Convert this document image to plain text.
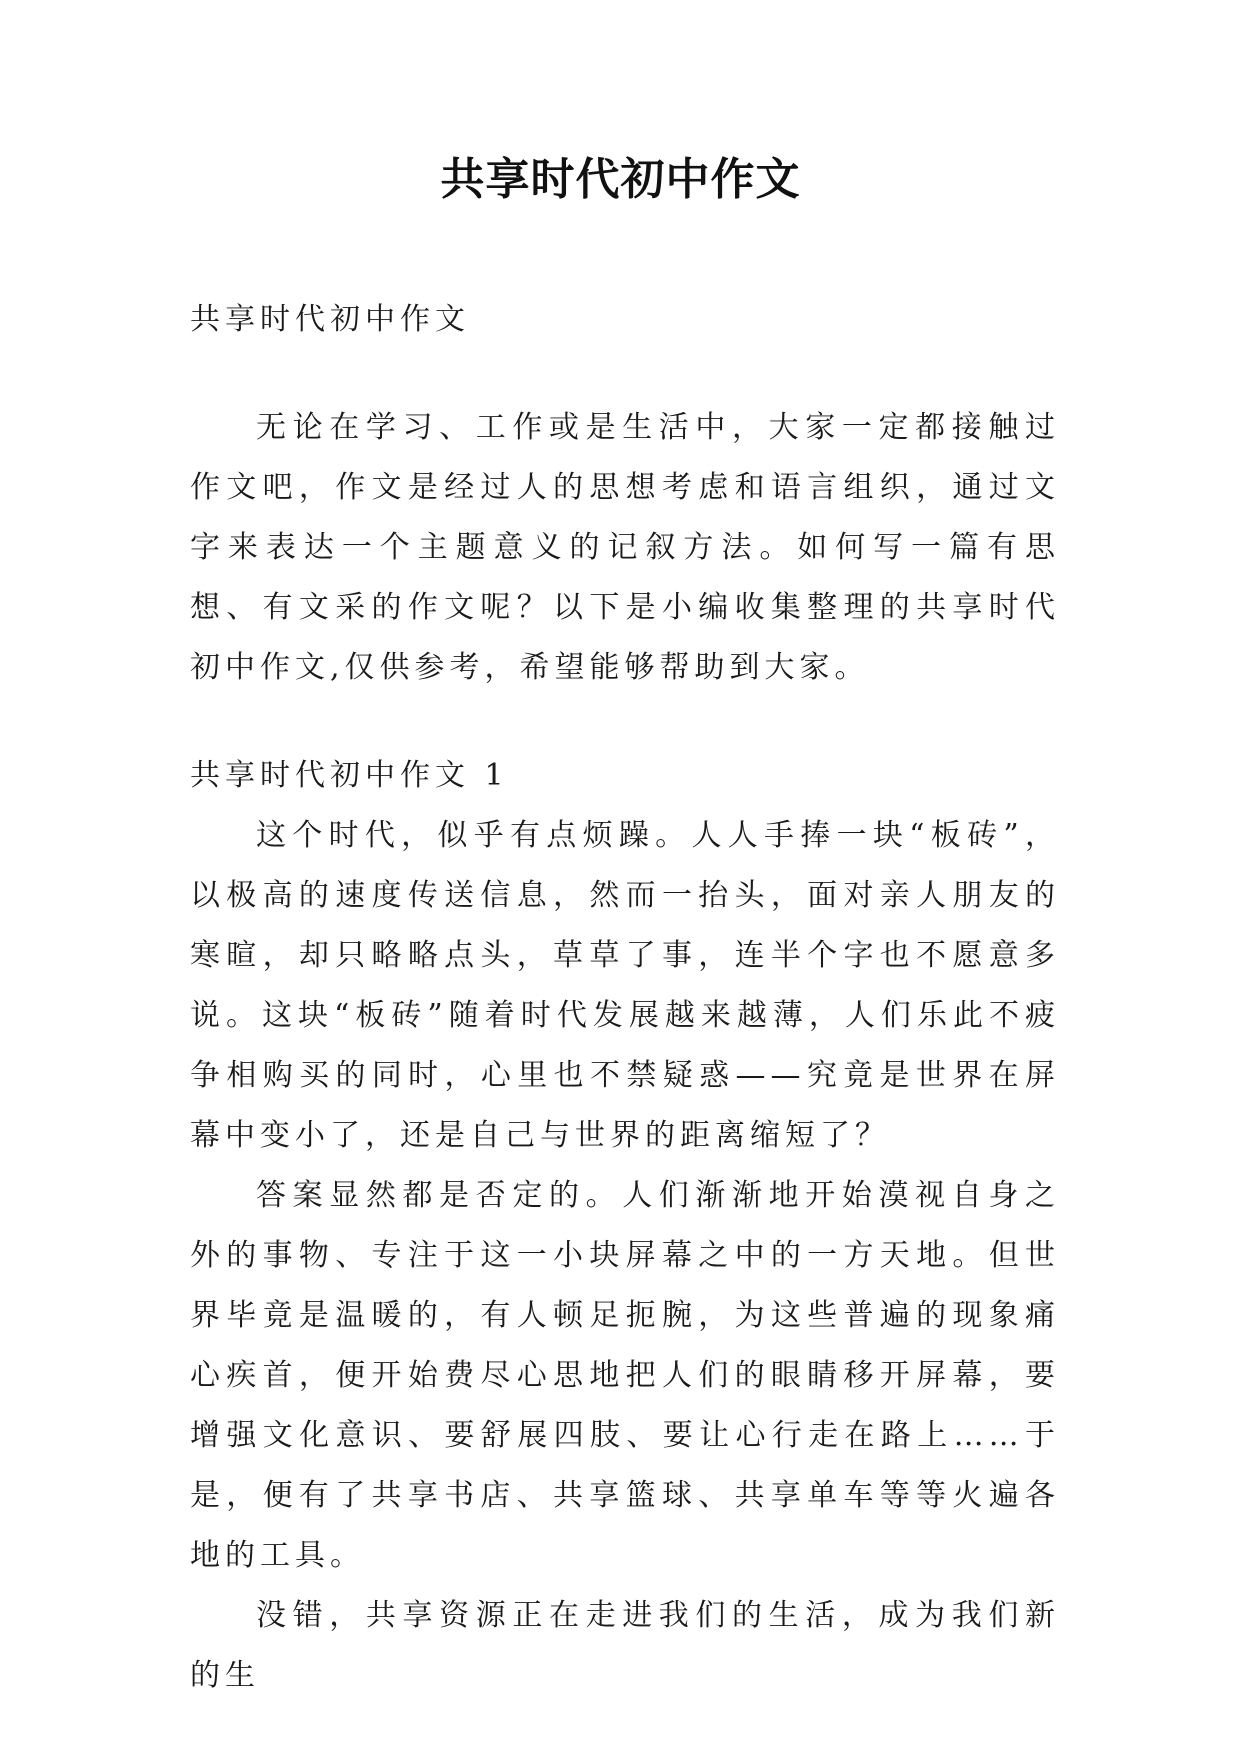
共享时代初中作文

共享时代初中作文

无论在学习、工作或是生活中，大家一定都接触过作文吧，作文是经过人的思想考虑和语言组织，通过文字来表达一个主题意义的记叙方法。如何写一篇有思想、有文采的作文呢？以下是小编收集整理的共享时代初中作文,仅供参考，希望能够帮助到大家。

共享时代初中作文 1

这个时代，似乎有点烦躁。人人手捧一块“板砖”，以极高的速度传送信息，然而一抬头，面对亲人朋友的寒暄，却只略略点头，草草了事，连半个字也不愿意多说。这块“板砖”随着时代发展越来越薄，人们乐此不疲争相购买的同时，心里也不禁疑惑——究竟是世界在屏幕中变小了，还是自己与世界的距离缩短了？

答案显然都是否定的。人们渐渐地开始漠视自身之外的事物、专注于这一小块屏幕之中的一方天地。但世界毕竟是温暖的，有人顿足扼腕，为这些普遍的现象痛心疾首，便开始费尽心思地把人们的眼睛移开屏幕，要增强文化意识、要舒展四肢、要让心行走在路上……于是，便有了共享书店、共享篮球、共享单车等等火遍各地的工具。

没错，共享资源正在走进我们的生活，成为我们新的生
